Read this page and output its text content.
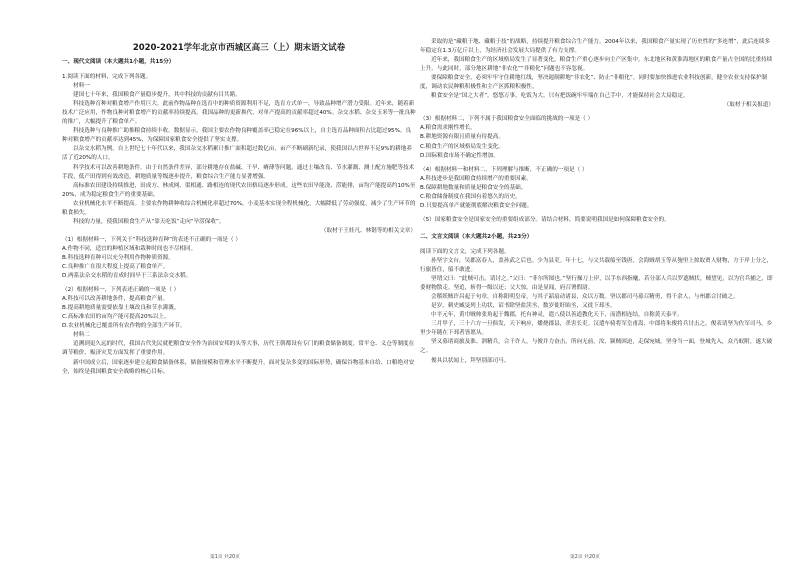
2020-2021学年北京市西城区高三（上）期末语文试卷

一、现代文阅读（本大题共1小题，共15分）

1.阅读下面的材料，完成下列各题。

材料一

建国七十年来，我国粮食产量稳步提升，其中科技的贡献有目共睹。

科技选种育种对粮食增产作用巨大。此前作物品种在选育中的种质资源利用不足，选育方式单一，导致品种增产潜力受限。近年来，随着新技术广泛应用，作物良种对粮食增产的贡献率持续提高。我国品种的更新换代，对单产提高的贡献率超过40%。杂交水稻、杂交玉米等一批良种的推广，大幅提升了粮食单产。

科技选种与良种推广助推粮食持续丰收。数据显示，我国主要农作物良种覆盖率已稳定在96%以上，自主选育品种面积占比超过95%。良种对粮食增产的贡献率达到45%，为保障国家粮食安全提供了坚实支撑。

以杂交水稻为例，自上世纪七十年代以来，我国杂交水稻累计推广面积超过数亿亩，亩产不断刷新纪录，使我国以占世界不足9%的耕地养活了近20%的人口。

科学技术可以改善耕地条件。由于自然条件差异，部分耕地存在盐碱、干旱、瘠薄等问题。通过土壤改良、节水灌溉、测土配方施肥等技术手段，低产田得到有效改造，耕地质量等级逐步提升，粮食综合生产能力显著增强。

高标准农田建设持续推进，田成方、林成网、渠相通、路相连的现代农田格局逐步形成。这些农田旱能浇、涝能排，亩均产能提高约10%至20%，成为稳定粮食生产的重要基础。

农业机械化水平不断提高。主要农作物耕种收综合机械化率超过70%，小麦基本实现全程机械化，大幅降低了劳动强度，减少了生产环节的粮食损失。

科技的力量，使我国粮食生产从“靠天吃饭”走向“旱涝保收”。

（取材于王娃凡、林锴等的相关文章）

（1）根据材料一，下列关于“科技选种育种”的表述不正确的一项是（ ）

A.作物不同，适宜的种植区域和栽种时间也不尽相同。

B.科技选种育种可以充分利用作物种质资源。

C.良种推广在很大程度上提高了粮食单产。

D.两系法杂交水稻的育成时间早于三系法杂交水稻。

（2）根据材料一，下列表述正确的一项是（ ）

A.科技可以改善耕地条件，提高粮食产量。

B.提高耕地质量需要依靠土壤改良和节水灌溉。

C.高标准农田的亩均产能可提高20%以上。

D.农业机械化已覆盖所有农作物的全部生产环节。

材料二

追溯到更久远的时代，我国古代先民就把粮食安全作为治国安邦的头等大事，历代王朝都设有专门的粮食储备制度。常平仓、义仓等制度在调节粮价、赈济灾荒方面发挥了重要作用。

新中国成立后，国家逐步建立起粮食储备体系，储备规模和管理水平不断提升。面对复杂多变的国际形势，确保谷物基本自给、口粮绝对安全，始终是我国粮食安全战略的核心目标。

采取的是“藏粮于地、藏粮于技”的战略，持续提升粮食综合生产能力。2004年以来，我国粮食产量实现了历史性的“多连增”，此后连续多年稳定在1.3万亿斤以上，为经济社会发展大局提供了有力支撑。

近年来，我国粮食生产的区域格局发生了显著变化，粮食生产重心逐步向主产区集中，东北地区和黄淮海地区的粮食产量占全国的比重持续上升。与此同时，部分地区耕地“非农化”“非粮化”问题也不容忽视。

要保障粮食安全，必须牢牢守住耕地红线，坚决遏制耕地“非农化”、防止“非粮化”。同时要加快推进农业科技创新，健全农业支持保护制度，调动农民种粮积极性和主产区抓粮积极性。

粮食安全是“国之大者”。悠悠万事，吃饭为大。只有把饭碗牢牢端在自己手中，才能保持社会大局稳定。

（取材于相关报道）

（3）根据材料二，下列不属于我国粮食安全面临的挑战的一项是（ ）

A.粮食需求刚性增长。

B.耕地资源有限且质量有待提高。

C.粮食生产的区域格局发生变化。

D.国际粮食市场不确定性增加。

（4）根据材料一和材料二，下列理解与推断，不正确的一项是（ ）

A.科技进步是我国粮食持续增产的重要因素。

B.保障耕地数量和质量是粮食安全的基础。

C.粮食储备制度在我国有着悠久的历史。

D.只要提高单产就能彻底解决粮食安全问题。

（5）国家粮食安全是国家安全的重要组成部分。请结合材料，简要说明我国是如何保障粮食安全的。

二、文言文阅读（本大题共2小题，共23分）

阅读下面的文言文，完成下列各题。

孙坚字文台，吴郡富春人，盖孙武之后也。少为县吏。年十七，与父共载船至钱唐，会海贼胡玉等从匏里上掠取贾人财物，方于岸上分之，行旅皆住，船不敢进。

坚谓父曰：“此贼可击，请讨之。”父曰：“非尔所图也。”坚行操刀上岸，以手东西指麾，若分部人兵以罗遮贼状。贼望见，以为官兵捕之，即委财物散走。坚追，斩得一级以还；父大惊。由是显闻，府召署假尉。

会稽妖贼许昌起于句章，自称阳明皇帝，与其子韶扇动诸县，众以万数。坚以郡司马募召精勇，得千余人，与州郡合讨破之。

是岁，刺史臧旻列上功状，诏书除坚盐渎丞，数岁徙盱眙丞，又徙下邳丞。

中平元年，黄巾贼帅张角起于魏郡，托有神灵，遣八使以善道教化天下，而潜相连结，自称黄天泰平。

三月甲子，三十六方一旦俱发，天下响应，燔烧郡县，杀害长吏。汉遣车骑将军皇甫嵩、中郎将朱俊将兵讨击之。俊表请坚为佐军司马，乡里少年随在下邳者皆愿从。

坚又募诸商旅及淮、泗精兵，合千许人，与俊并力奋击，所向无前。汝、颍贼困迫，走保宛城。坚身当一面，登城先入，众乃蚁附，遂大破之。

俊具以状闻上，拜坚别部司马。

第1页 共20页	第2页 共20页
